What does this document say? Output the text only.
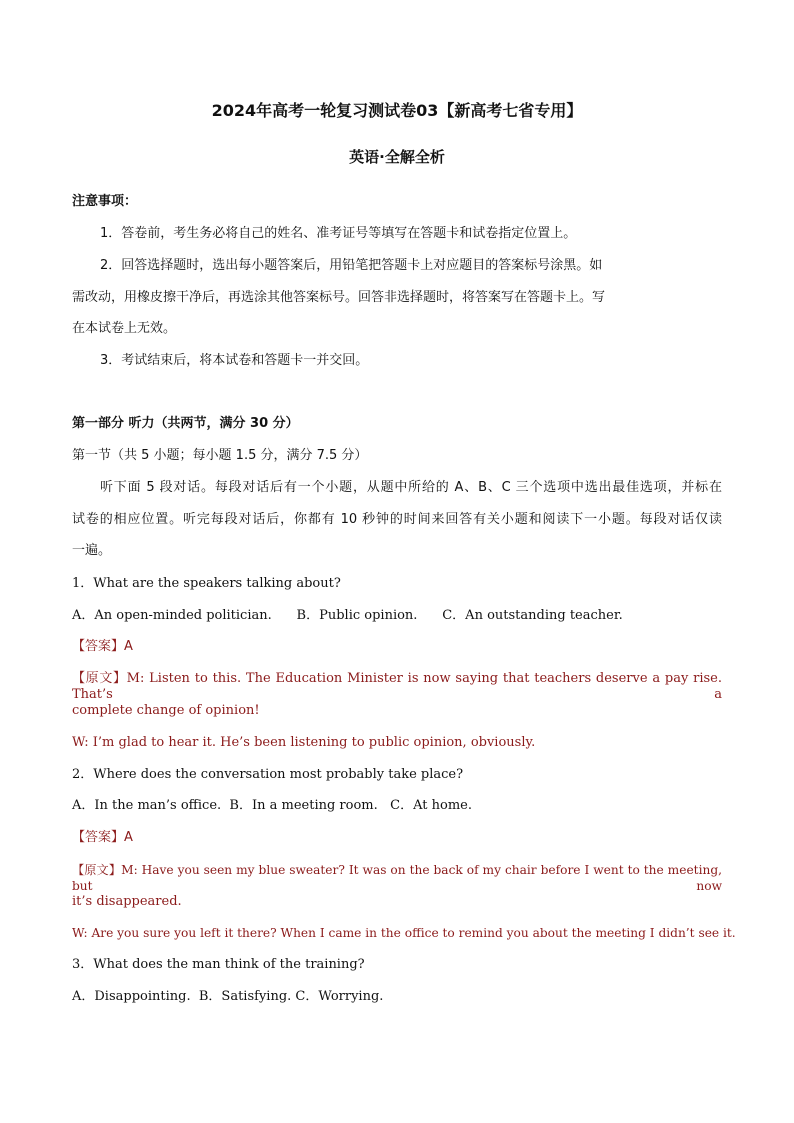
2024年高考一轮复习测试卷03【新高考七省专用】
英语·全解全析
注意事项：
1．答卷前，考生务必将自己的姓名、准考证号等填写在答题卡和试卷指定位置上。
2．回答选择题时，选出每小题答案后，用铅笔把答题卡上对应题目的答案标号涂黑。如
需改动，用橡皮擦干净后，再选涂其他答案标号。回答非选择题时，将答案写在答题卡上。写
在本试卷上无效。
3．考试结束后，将本试卷和答题卡一并交回。
第一部分 听力（共两节，满分 30 分）
第一节（共 5 小题；每小题 1.5 分，满分 7.5 分）
听下面 5 段对话。每段对话后有一个小题，从题中所给的 A、B、C 三个选项中选出最佳选项，并标在
试卷的相应位置。听完每段对话后，你都有 10 秒钟的时间来回答有关小题和阅读下一小题。每段对话仅读
一遍。
1．What are the speakers talking about?
A．An open-minded politician.      B．Public opinion.      C．An outstanding teacher.
【答案】A
【原文】M: Listen to this. The Education Minister is now saying that teachers deserve a pay rise. That’s a
complete change of opinion!
W: I’m glad to hear it. He’s been listening to public opinion, obviously.
2．Where does the conversation most probably take place?
A．In the man’s office.  B．In a meeting room.   C．At home.
【答案】A
【原文】M: Have you seen my blue sweater? It was on the back of my chair before I went to the meeting, but now
it’s disappeared.
W: Are you sure you left it there? When I came in the office to remind you about the meeting I didn’t see it.
3．What does the man think of the training?
A．Disappointing.  B．Satisfying. C．Worrying.
